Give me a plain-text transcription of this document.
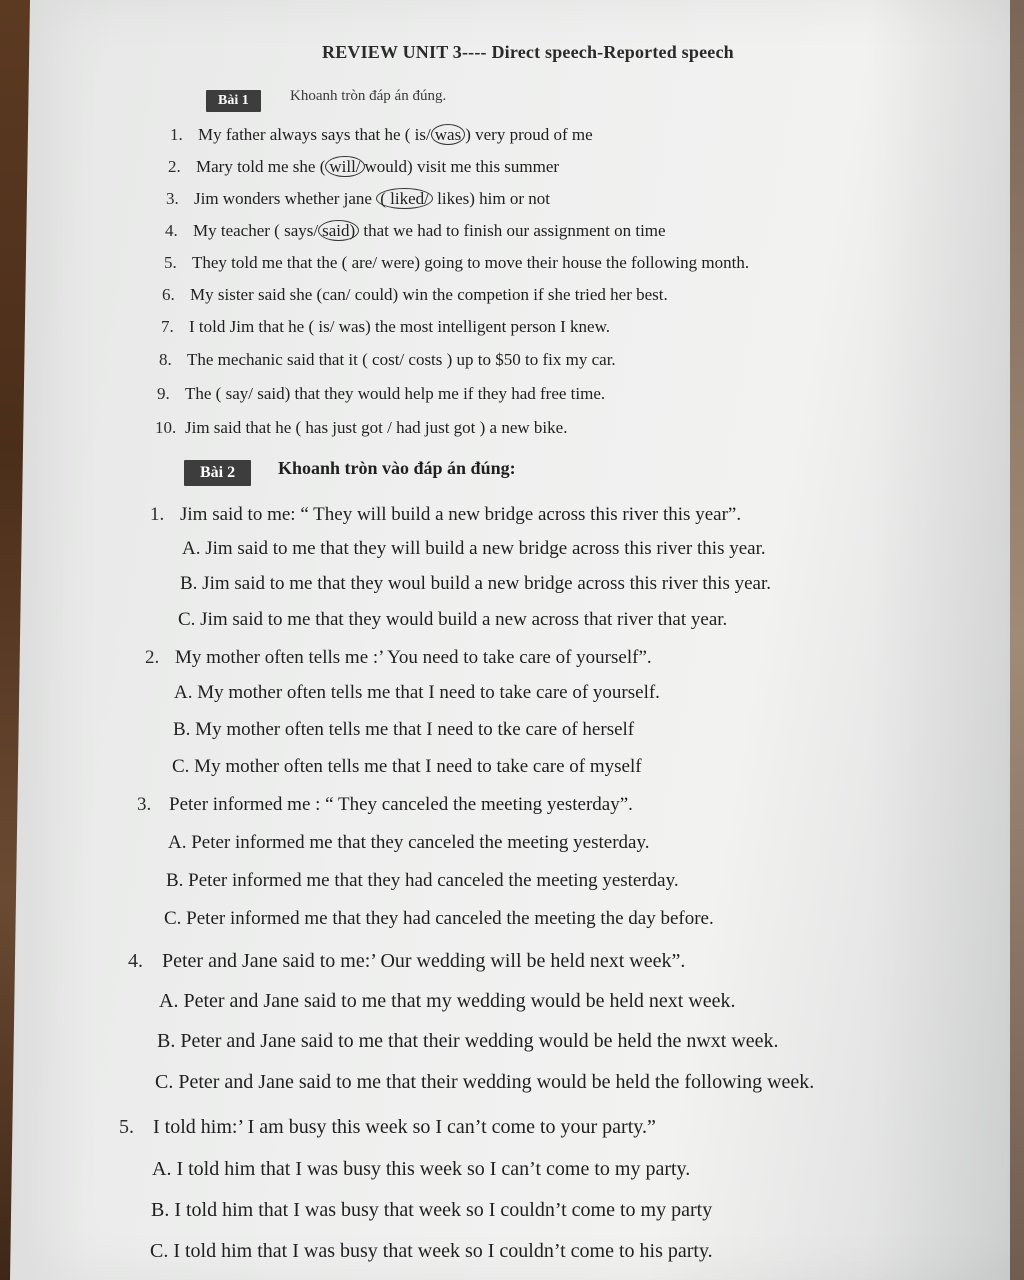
REVIEW UNIT 3---- Direct speech-Reported speech
Bài 1	Khoanh tròn đáp án đúng.
1. My father always says that he ( is/ was ) very proud of me
2. Mary told me she ( will/ would) visit me this summer
3. Jim wonders whether jane ( liked/ likes) him or not
4. My teacher ( says/ said) that we had to finish our assignment on time
5. They told me that the ( are/ were) going to move their house the following month.
6. My sister said she (can/ could) win the competion if she tried her best.
7. I told Jim that he ( is/ was) the most intelligent person I knew.
8. The mechanic said that it ( cost/ costs ) up to $50 to fix my car.
9. The ( say/ said) that they would help me if they had free time.
10. Jim said that he ( has just got / had just got ) a new bike.
Bài 2	Khoanh tròn vào đáp án đúng:
1. Jim said to me: “ They will build a new bridge across this river this year”.
A. Jim said to me that they will build a new bridge across this river this year.
B. Jim said to me that they woul build a new bridge across this river this year.
C. Jim said to me that they would build a new across that river that year.
2. My mother often tells me :’ You need to take care of yourself”.
A. My mother often tells me that I need to take care of yourself.
B. My mother often tells me that I need to tke care of herself
C. My mother often tells me that I need to take care of myself
3. Peter informed me : “ They canceled the meeting yesterday”.
A. Peter informed me that they canceled the meeting yesterday.
B. Peter informed me that they had canceled the meeting yesterday.
C. Peter informed me that they had canceled the meeting the day before.
4. Peter and Jane said to me:’ Our wedding will be held next week”.
A. Peter and Jane said to me that my wedding would be held next week.
B. Peter and Jane said to me that their wedding would be held the nwxt week.
C. Peter and Jane said to me that their wedding would be held the following week.
5. I told him:’ I am busy this week so I can’t come to your party.”
A. I told him that I was busy this week so I can’t come to my party.
B. I told him that I was busy that week so I couldn’t come to my party
C. I told him that I was busy that week so I couldn’t come to his party.
